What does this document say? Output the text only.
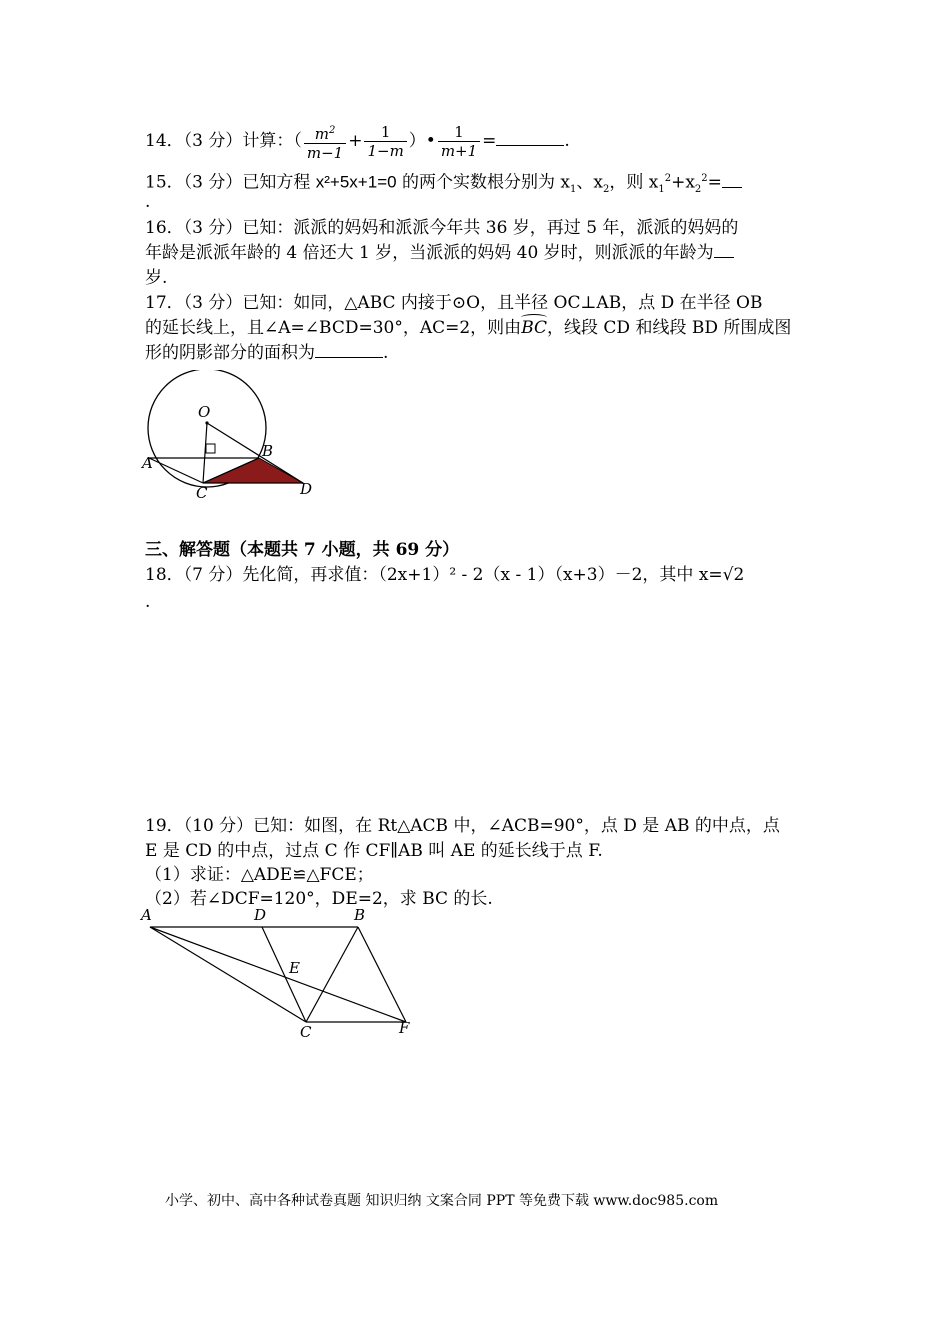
14．（3 分）计算：（ $\frac{m^2}{m-1} + \frac{1}{1-m}$ ）• $\frac{1}{m+1}$ =	.
15．（3 分）已知方程 x²+5x+1=0 的两个实数根分别为 $x_1$、$x_2$，则 $x_1^2+x_2^2=$
.
16．（3 分）已知：派派的妈妈和派派今年共 36 岁，再过 5 年，派派的妈妈的
年龄是派派年龄的 4 倍还大 1 岁，当派派的妈妈 40 岁时，则派派的年龄为
岁.
17．（3 分）已知：如同，△ABC 内接于⊙O，且半径 OC⊥AB，点 D 在半径 OB
的延长线上，且∠A=∠BCD=30°，AC=2，则由BC，线段 CD 和线段 BD 所围成图
形的阴影部分的面积为	.
O
A
B
C	D
三、解答题（本题共 7 小题，共 69 分）
18．（7 分）先化简，再求值：（2x+1）² - 2（x - 1）（x+3）－2，其中 x=√2
.
19．（10 分）已知：如图，在 Rt△ACB 中，∠ACB=90°，点 D 是 AB 的中点，点
E 是 CD 的中点，过点 C 作 CF∥AB 叫 AE 的延长线于点 F.
（1）求证：△ADE≌△FCE；
（2）若∠DCF=120°，DE=2，求 BC 的长.
A	D	B
E
C	F
小学、初中、高中各种试卷真题 知识归纳 文案合同 PPT 等免费下载 www.doc985.com
